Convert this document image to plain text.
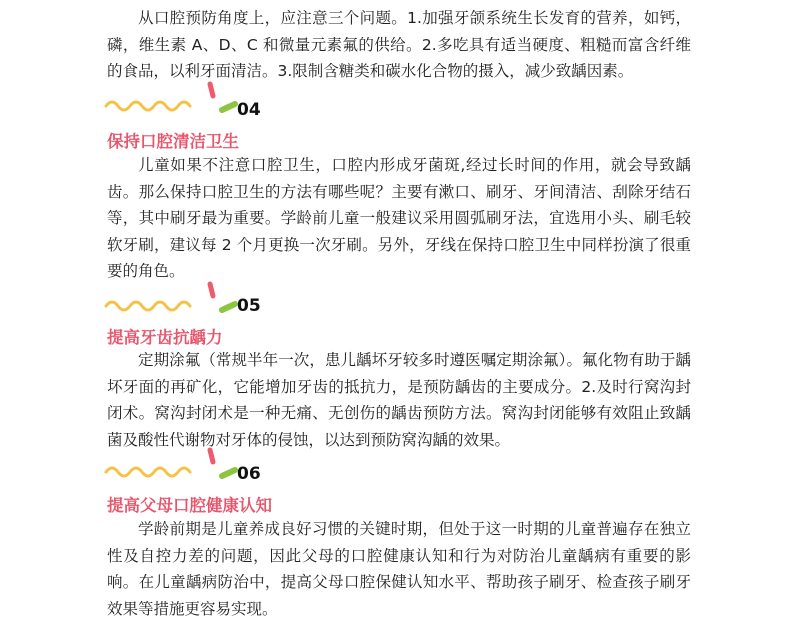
从口腔预防角度上，应注意三个问题。1.加强牙颌系统生长发育的营养，如钙，磷，维生素 A、D、C 和微量元素氟的供给。2.多吃具有适当硬度、粗糙而富含纤维的食品，以利牙面清洁。3.限制含糖类和碳水化合物的摄入，减少致龋因素。

04
保持口腔清洁卫生

儿童如果不注意口腔卫生，口腔内形成牙菌斑,经过长时间的作用，就会导致龋齿。那么保持口腔卫生的方法有哪些呢？主要有漱口、刷牙、牙间清洁、刮除牙结石等，其中刷牙最为重要。学龄前儿童一般建议采用圆弧刷牙法，宜选用小头、刷毛较软牙刷，建议每 2 个月更换一次牙刷。另外，牙线在保持口腔卫生中同样扮演了很重要的角色。

05
提高牙齿抗龋力

定期涂氟（常规半年一次，患儿龋坏牙较多时遵医嘱定期涂氟）。氟化物有助于龋坏牙面的再矿化，它能增加牙齿的抵抗力，是预防龋齿的主要成分。2.及时行窝沟封闭术。窝沟封闭术是一种无痛、无创伤的龋齿预防方法。窝沟封闭能够有效阻止致龋菌及酸性代谢物对牙体的侵蚀，以达到预防窝沟龋的效果。

06
提高父母口腔健康认知

学龄前期是儿童养成良好习惯的关键时期，但处于这一时期的儿童普遍存在独立性及自控力差的问题，因此父母的口腔健康认知和行为对防治儿童龋病有重要的影响。在儿童龋病防治中，提高父母口腔保健认知水平、帮助孩子刷牙、检查孩子刷牙效果等措施更容易实现。
